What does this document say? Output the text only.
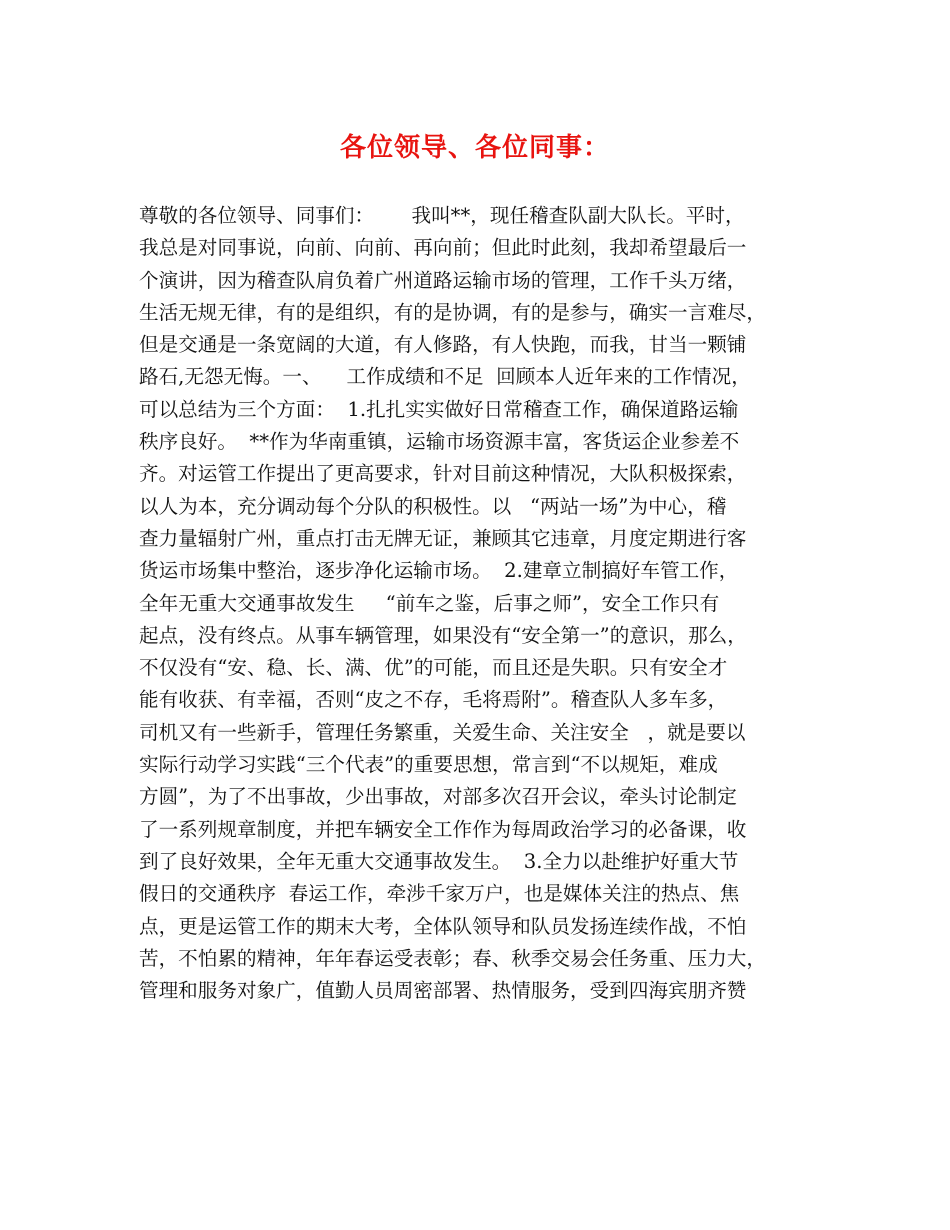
各位领导、各位同事：
尊敬的各位领导、同事们：      我叫**，现任稽查队副大队长。平时，
我总是对同事说，向前、向前、再向前；但此时此刻，我却希望最后一
个演讲，因为稽查队肩负着广州道路运输市场的管理，工作千头万绪，
生活无规无律，有的是组织，有的是协调，有的是参与，确实一言难尽，
但是交通是一条宽阔的大道，有人修路，有人快跑，而我，甘当一颗铺
路石,无怨无悔。一、    工作成绩和不足  回顾本人近年来的工作情况，
可以总结为三个方面：  1.扎扎实实做好日常稽查工作，确保道路运输
秩序良好。  **作为华南重镇，运输市场资源丰富，客货运企业参差不
齐。对运管工作提出了更高要求，针对目前这种情况，大队积极探索，
以人为本，充分调动每个分队的积极性。以   “两站一场”为中心，稽
查力量辐射广州，重点打击无牌无证，兼顾其它违章，月度定期进行客
货运市场集中整治，逐步净化运输市场。  2.建章立制搞好车管工作，
全年无重大交通事故发生     “前车之鉴，后事之师”，安全工作只有
起点，没有终点。从事车辆管理，如果没有“安全第一”的意识，那么，
不仅没有“安、稳、长、满、优”的可能，而且还是失职。只有安全才
能有收获、有幸福，否则“皮之不存，毛将焉附”。稽查队人多车多，
司机又有一些新手，管理任务繁重，关爱生命、关注安全   ，就是要以
实际行动学习实践“三个代表”的重要思想，常言到“不以规矩，难成
方圆”，为了不出事故，少出事故，对部多次召开会议，牵头讨论制定
了一系列规章制度，并把车辆安全工作作为每周政治学习的必备课，收
到了良好效果，全年无重大交通事故发生。  3.全力以赴维护好重大节
假日的交通秩序  春运工作，牵涉千家万户，也是媒体关注的热点、焦
点，更是运管工作的期末大考，全体队领导和队员发扬连续作战，不怕
苦，不怕累的精神，年年春运受表彰；春、秋季交易会任务重、压力大，
管理和服务对象广，值勤人员周密部署、热情服务，受到四海宾朋齐赞
